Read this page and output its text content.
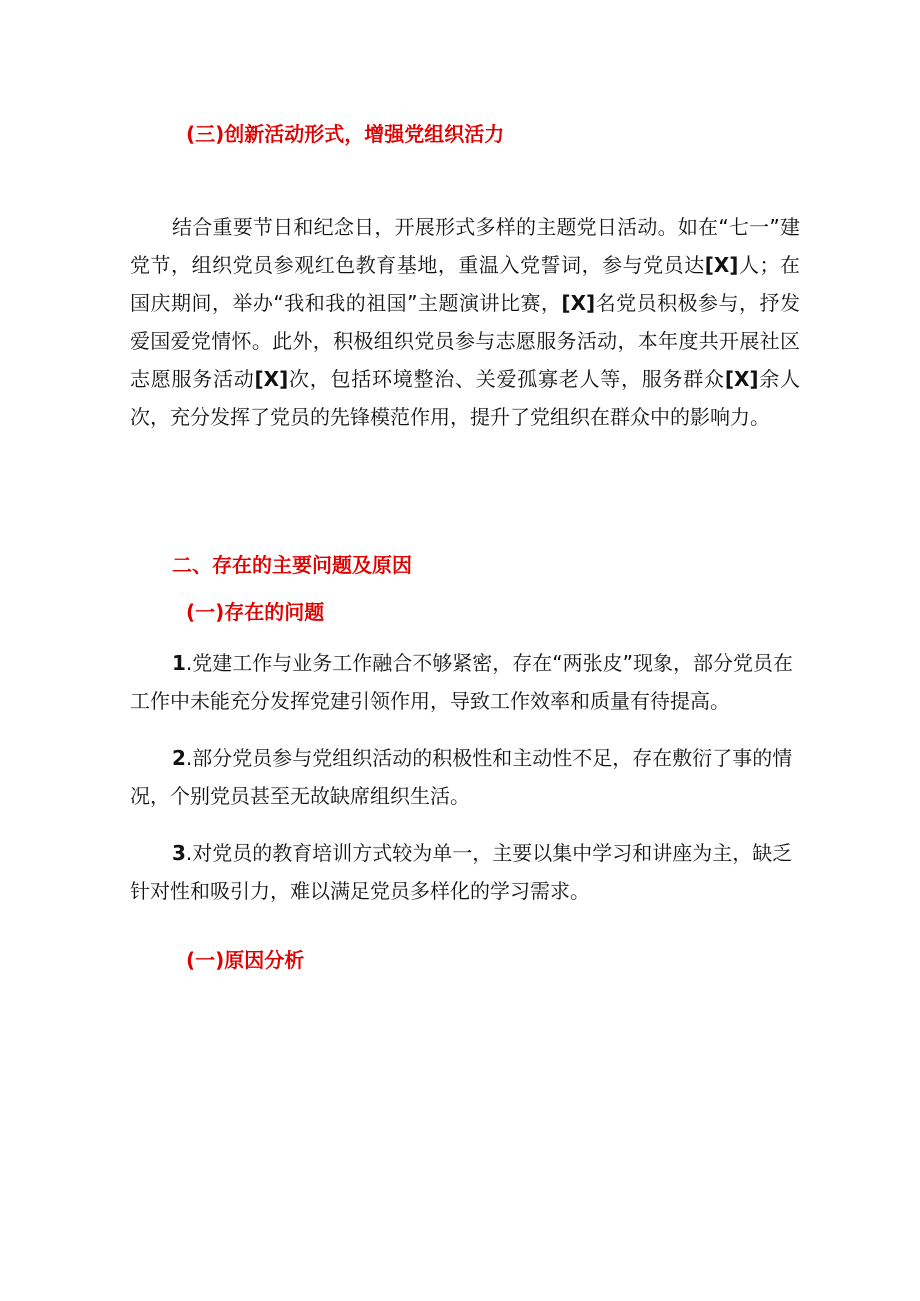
(三)创新活动形式，增强党组织活力

结合重要节日和纪念日，开展形式多样的主题党日活动。如在“七一”建党节，组织党员参观红色教育基地，重温入党誓词，参与党员达[X]人；在国庆期间，举办“我和我的祖国”主题演讲比赛，[X]名党员积极参与，抒发爱国爱党情怀。此外，积极组织党员参与志愿服务活动，本年度共开展社区志愿服务活动[X]次，包括环境整治、关爱孤寡老人等，服务群众[X]余人次，充分发挥了党员的先锋模范作用，提升了党组织在群众中的影响力。

二、存在的主要问题及原因
(一)存在的问题

1.党建工作与业务工作融合不够紧密，存在“两张皮”现象，部分党员在工作中未能充分发挥党建引领作用，导致工作效率和质量有待提高。

2.部分党员参与党组织活动的积极性和主动性不足，存在敷衍了事的情况，个别党员甚至无故缺席组织生活。

3.对党员的教育培训方式较为单一，主要以集中学习和讲座为主，缺乏针对性和吸引力，难以满足党员多样化的学习需求。

(一)原因分析
